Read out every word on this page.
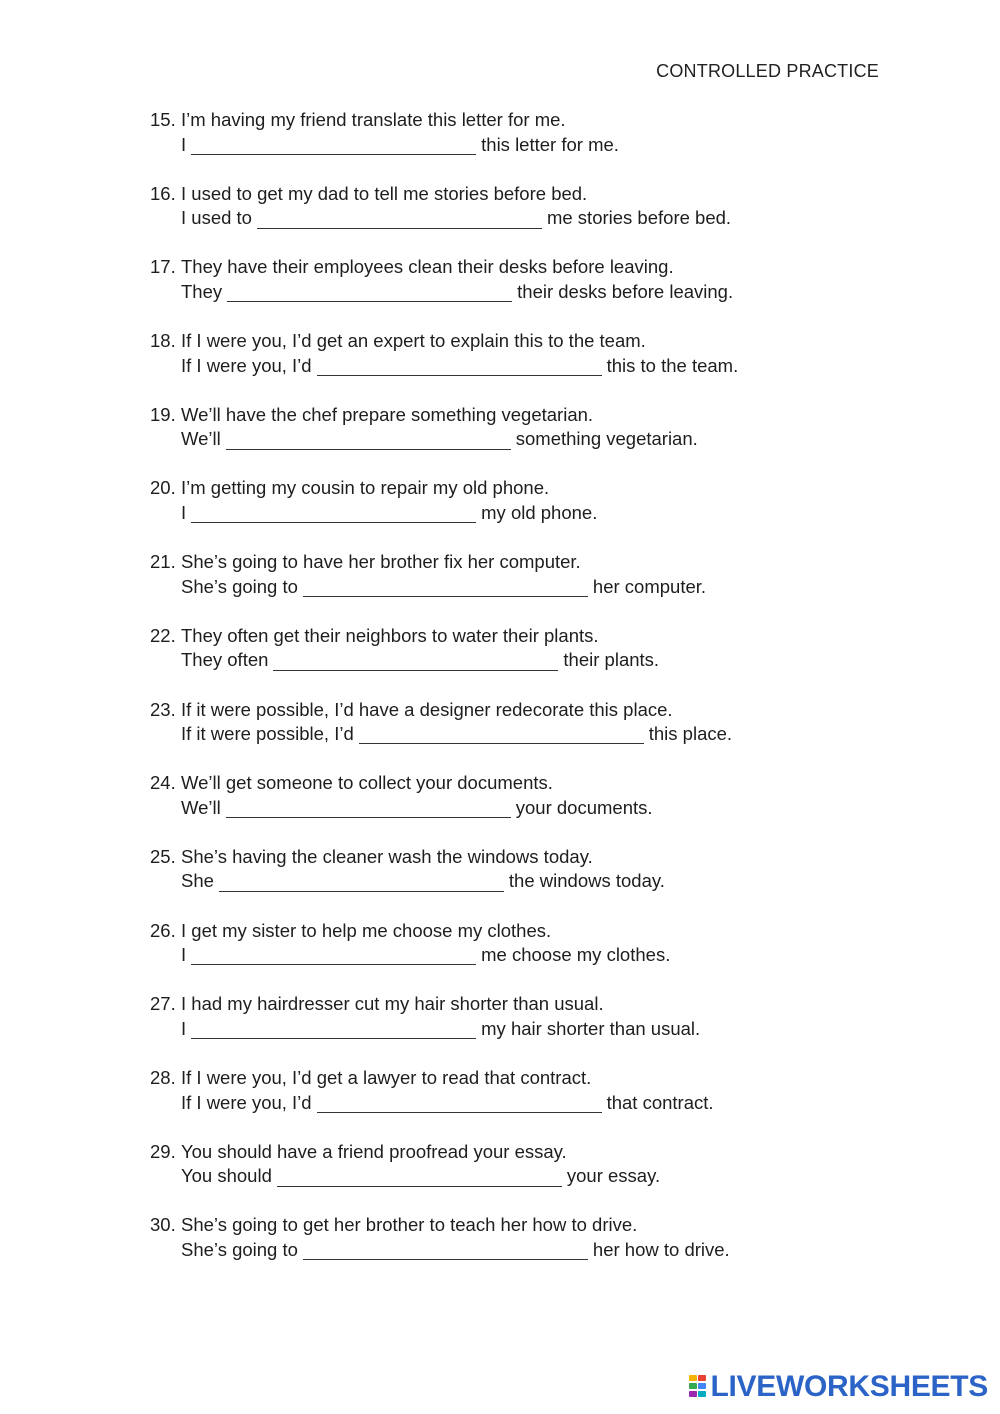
CONTROLLED PRACTICE
15. I’m having my friend translate this letter for me.
I	this letter for me.
16. I used to get my dad to tell me stories before bed.
I used to	me stories before bed.
17. They have their employees clean their desks before leaving.
They	their desks before leaving.
18. If I were you, I’d get an expert to explain this to the team.
If I were you, I’d	this to the team.
19. We’ll have the chef prepare something vegetarian.
We’ll	something vegetarian.
20. I’m getting my cousin to repair my old phone.
I	my old phone.
21. She’s going to have her brother fix her computer.
She’s going to	her computer.
22. They often get their neighbors to water their plants.
They often	their plants.
23. If it were possible, I’d have a designer redecorate this place.
If it were possible, I’d	this place.
24. We’ll get someone to collect your documents.
We’ll	your documents.
25. She’s having the cleaner wash the windows today.
She	the windows today.
26. I get my sister to help me choose my clothes.
I	me choose my clothes.
27. I had my hairdresser cut my hair shorter than usual.
I	my hair shorter than usual.
28. If I were you, I’d get a lawyer to read that contract.
If I were you, I’d	that contract.
29. You should have a friend proofread your essay.
You should	your essay.
30. She’s going to get her brother to teach her how to drive.
She’s going to	her how to drive.
LIVEWORKSHEETS
